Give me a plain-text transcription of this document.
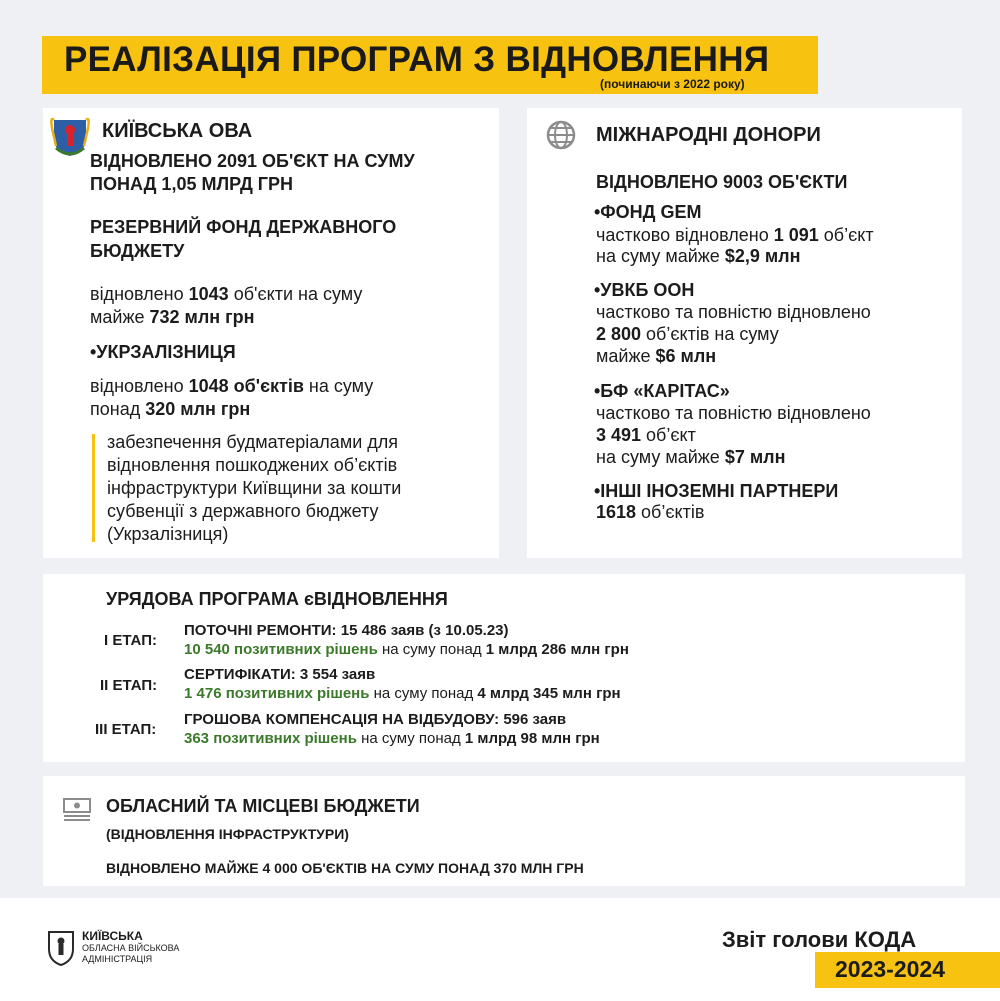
РЕАЛІЗАЦІЯ ПРОГРАМ З ВІДНОВЛЕННЯ
(починаючи з 2022 року)
КИЇВСЬКА ОВА
ВІДНОВЛЕНО 2091 ОБ'ЄКТ НА СУМУ
ПОНАД 1,05 МЛРД ГРН
РЕЗЕРВНИЙ ФОНД ДЕРЖАВНОГО
БЮДЖЕТУ
відновлено 1043 об'єкти на суму
майже 732 млн грн
•УКРЗАЛІЗНИЦЯ
відновлено 1048 об'єктів на суму
понад 320 млн грн
забезпечення будматеріалами для
відновлення пошкоджених об’єктів
інфраструктури Київщини за кошти
субвенції з державного бюджету
(Укрзалізниця)
МІЖНАРОДНІ ДОНОРИ
ВІДНОВЛЕНО 9003 ОБ'ЄКТИ
•ФОНД GEM
частково відновлено 1 091 об’єкт
на суму майже $2,9 млн
•УВКБ ООН
частково та повністю відновлено
2 800 об’єктів на суму
майже $6 млн
•БФ «КАРІТАС»
частково та повністю відновлено
3 491 об’єкт
на суму майже $7 млн
•ІНШІ ІНОЗЕМНІ ПАРТНЕРИ
1618 об’єктів
УРЯДОВА ПРОГРАМА єВІДНОВЛЕННЯ
І ЕТАП:
ПОТОЧНІ РЕМОНТИ: 15 486 заяв (з 10.05.23)
10 540 позитивних рішень на суму понад 1 млрд 286 млн грн
ІІ ЕТАП:
СЕРТИФІКАТИ: 3 554 заяв
1 476 позитивних рішень на суму понад 4 млрд 345 млн грн
ІІІ ЕТАП:
ГРОШОВА КОМПЕНСАЦІЯ НА ВІДБУДОВУ: 596 заяв
363 позитивних рішень на суму понад 1 млрд 98 млн грн
ОБЛАСНИЙ ТА МІСЦЕВІ БЮДЖЕТИ
(ВІДНОВЛЕННЯ ІНФРАСТРУКТУРИ)
ВІДНОВЛЕНО МАЙЖЕ 4 000 ОБ'ЄКТІВ НА СУМУ ПОНАД 370 МЛН ГРН
КИЇВСЬКА
ОБЛАСНА ВІЙСЬКОВА
АДМІНІСТРАЦІЯ
Звіт голови КОДА
2023-2024
